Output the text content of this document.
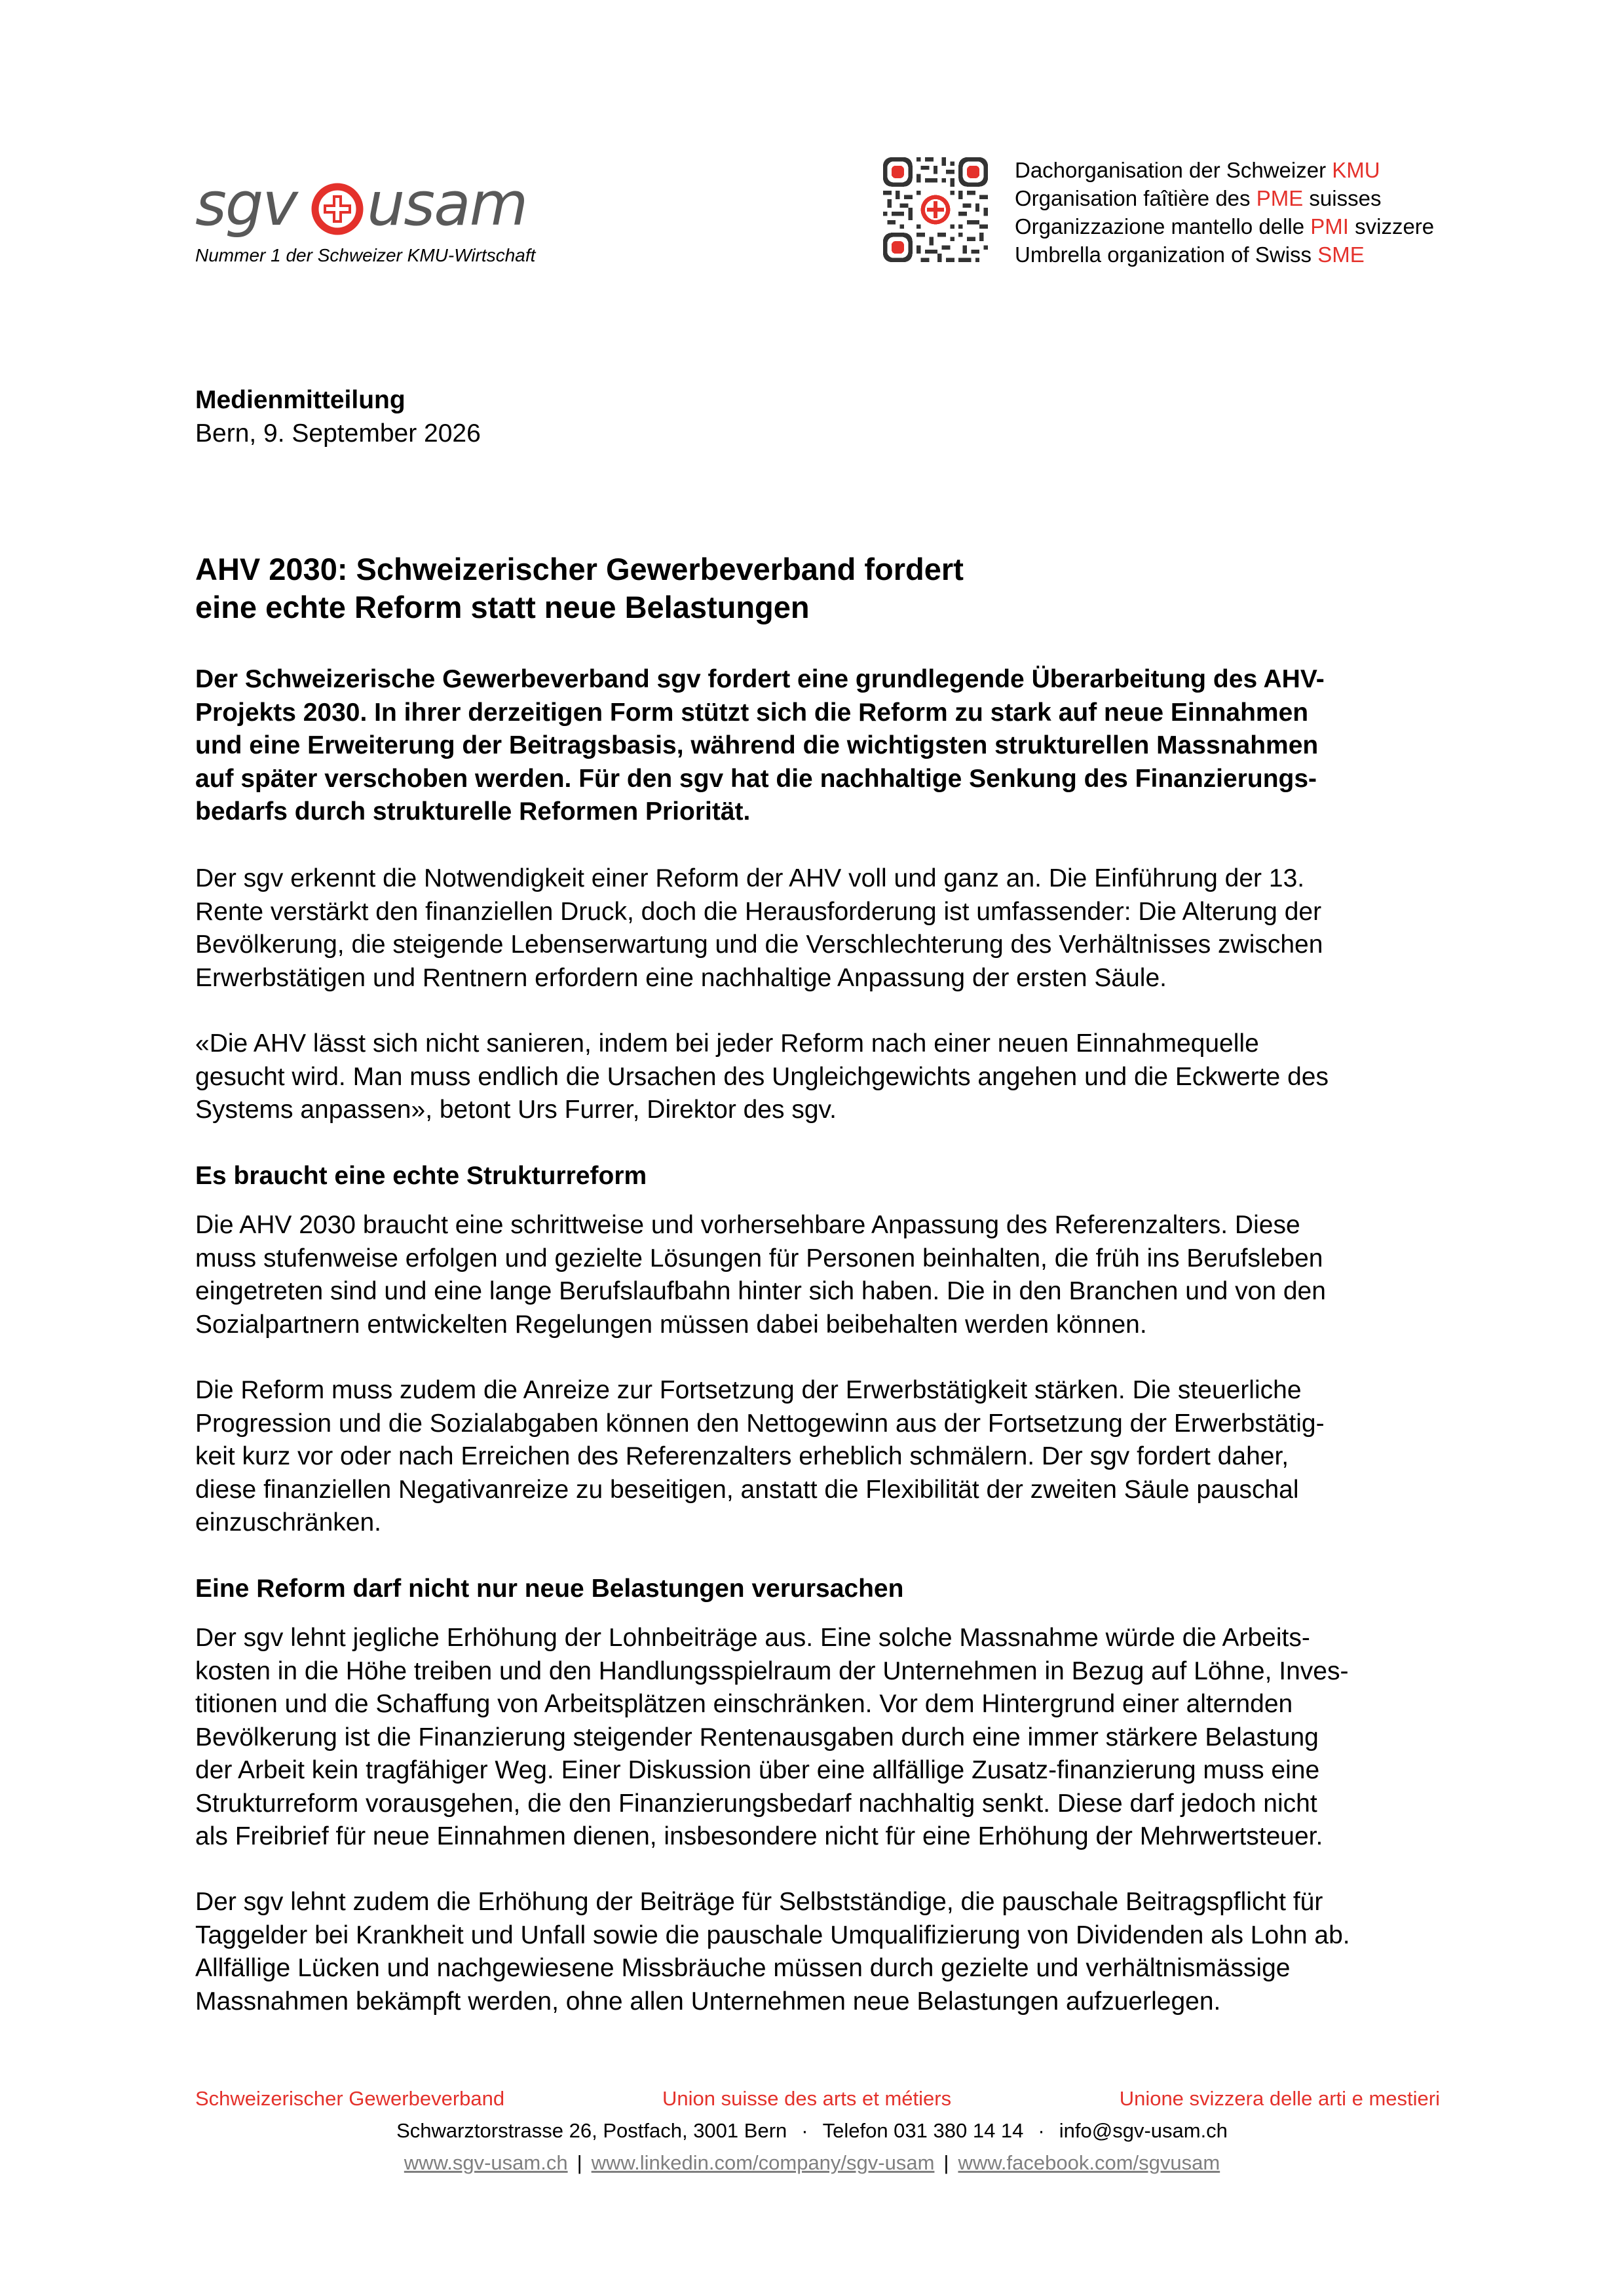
sgv usam
Nummer 1 der Schweizer KMU-Wirtschaft
Dachorganisation der Schweizer KMU
Organisation faîtière des PME suisses
Organizzazione mantello delle PMI svizzere
Umbrella organization of Swiss SME

Medienmitteilung

Bern, 9. September 2026

AHV 2030: Schweizerischer Gewerbeverband fordert
eine echte Reform statt neue Belastungen

Der Schweizerische Gewerbeverband sgv fordert eine grundlegende Überarbeitung des AHV-

Projekts 2030. In ihrer derzeitigen Form stützt sich die Reform zu stark auf neue Einnahmen

und eine Erweiterung der Beitragsbasis, während die wichtigsten strukturellen Massnahmen

auf später verschoben werden. Für den sgv hat die nachhaltige Senkung des Finanzierungs-

bedarfs durch strukturelle Reformen Priorität.

Der sgv erkennt die Notwendigkeit einer Reform der AHV voll und ganz an. Die Einführung der 13.

Rente verstärkt den finanziellen Druck, doch die Herausforderung ist umfassender: Die Alterung der

Bevölkerung, die steigende Lebenserwartung und die Verschlechterung des Verhältnisses zwischen

Erwerbstätigen und Rentnern erfordern eine nachhaltige Anpassung der ersten Säule.

«Die AHV lässt sich nicht sanieren, indem bei jeder Reform nach einer neuen Einnahmequelle

gesucht wird. Man muss endlich die Ursachen des Ungleichgewichts angehen und die Eckwerte des

Systems anpassen», betont Urs Furrer, Direktor des sgv.

Es braucht eine echte Strukturreform

Die AHV 2030 braucht eine schrittweise und vorhersehbare Anpassung des Referenzalters. Diese

muss stufenweise erfolgen und gezielte Lösungen für Personen beinhalten, die früh ins Berufsleben

eingetreten sind und eine lange Berufslaufbahn hinter sich haben. Die in den Branchen und von den

Sozialpartnern entwickelten Regelungen müssen dabei beibehalten werden können.

Die Reform muss zudem die Anreize zur Fortsetzung der Erwerbstätigkeit stärken. Die steuerliche

Progression und die Sozialabgaben können den Nettogewinn aus der Fortsetzung der Erwerbstätig-

keit kurz vor oder nach Erreichen des Referenzalters erheblich schmälern. Der sgv fordert daher,

diese finanziellen Negativanreize zu beseitigen, anstatt die Flexibilität der zweiten Säule pauschal

einzuschränken.

Eine Reform darf nicht nur neue Belastungen verursachen

Der sgv lehnt jegliche Erhöhung der Lohnbeiträge aus. Eine solche Massnahme würde die Arbeits-

kosten in die Höhe treiben und den Handlungsspielraum der Unternehmen in Bezug auf Löhne, Inves-

titionen und die Schaffung von Arbeitsplätzen einschränken. Vor dem Hintergrund einer alternden

Bevölkerung ist die Finanzierung steigender Rentenausgaben durch eine immer stärkere Belastung

der Arbeit kein tragfähiger Weg. Einer Diskussion über eine allfällige Zusatz-finanzierung muss eine

Strukturreform vorausgehen, die den Finanzierungsbedarf nachhaltig senkt. Diese darf jedoch nicht

als Freibrief für neue Einnahmen dienen, insbesondere nicht für eine Erhöhung der Mehrwertsteuer.

Der sgv lehnt zudem die Erhöhung der Beiträge für Selbstständige, die pauschale Beitragspflicht für

Taggelder bei Krankheit und Unfall sowie die pauschale Umqualifizierung von Dividenden als Lohn ab.

Allfällige Lücken und nachgewiesene Missbräuche müssen durch gezielte und verhältnismässige

Massnahmen bekämpft werden, ohne allen Unternehmen neue Belastungen aufzuerlegen.

Schweizerischer Gewerbeverband	Union suisse des arts et métiers	Unione svizzera delle arti e mestieri
Schwarztorstrasse 26, Postfach, 3001 Bern · Telefon 031 380 14 14 · info@sgv-usam.ch
www.sgv-usam.ch | www.linkedin.com/company/sgv-usam | www.facebook.com/sgvusam
